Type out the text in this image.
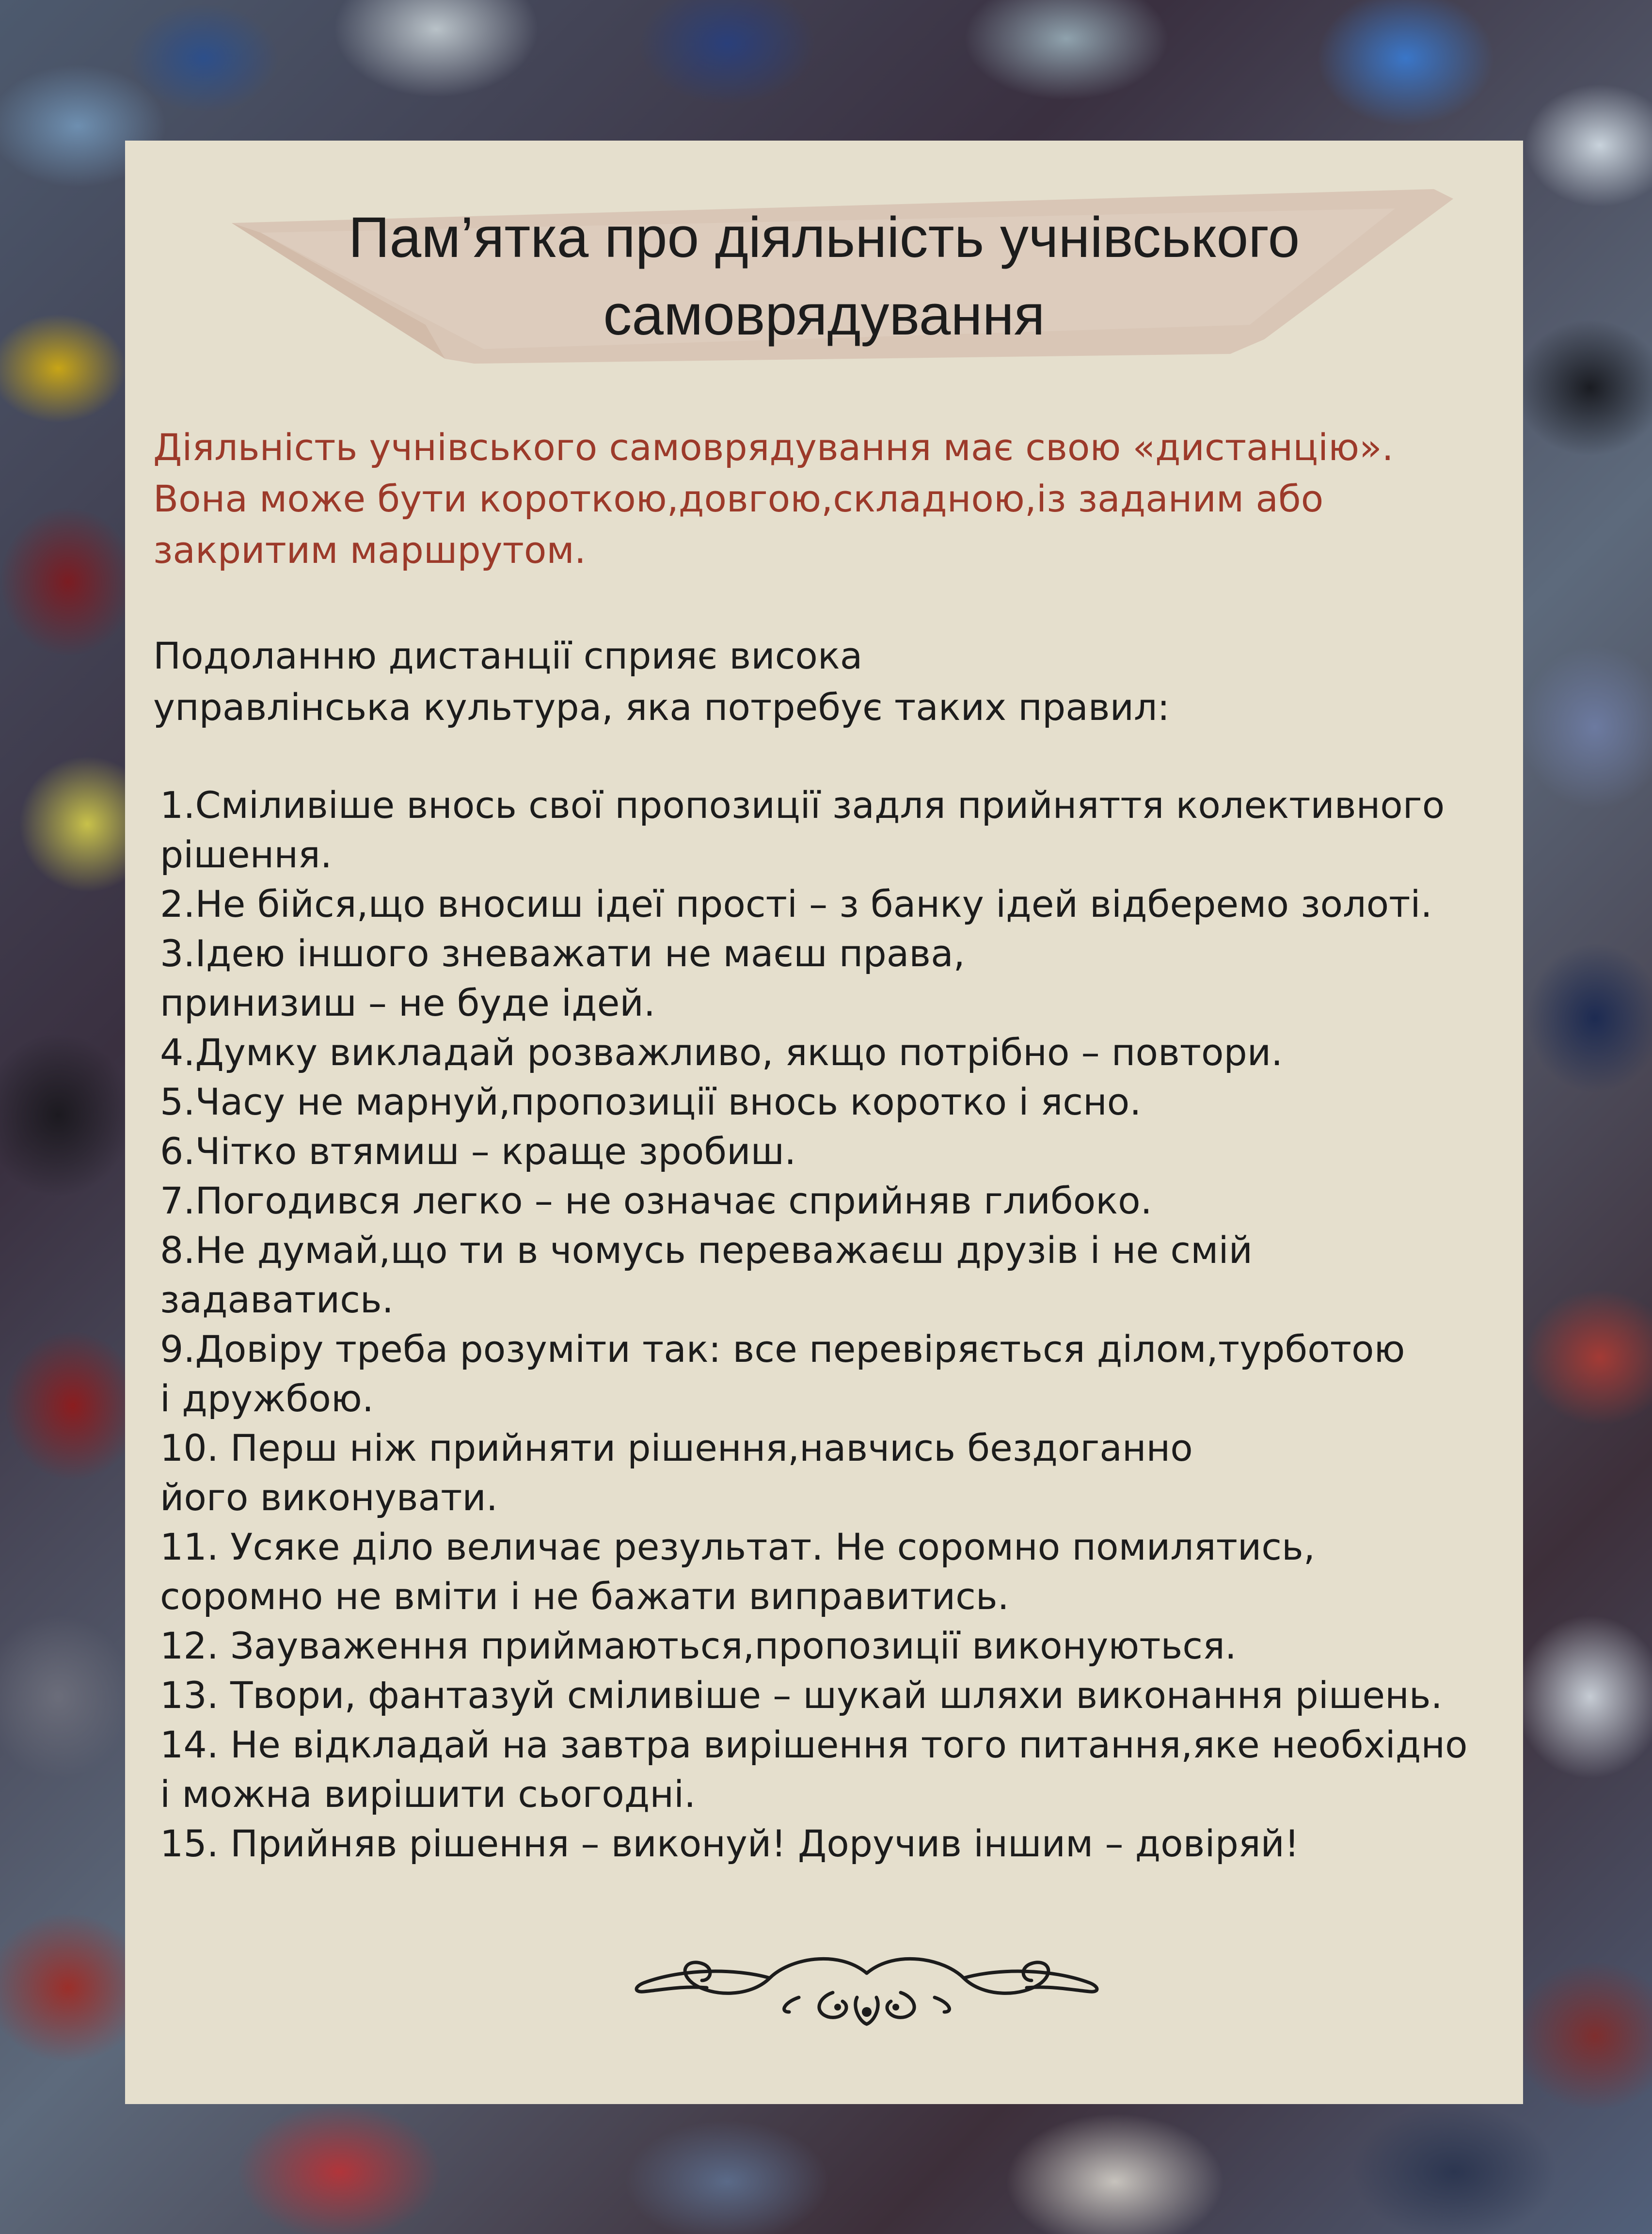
Пам’ятка про діяльність учнівського
самоврядування

Діяльність учнівського самоврядування має свою «дистанцію».
Вона може бути короткою,довгою,складною,із заданим або
закритим маршрутом.

Подоланню дистанції сприяє висока
управлінська культура, яка потребує таких правил:

1.Сміливіше внось свої пропозиції задля прийняття колективного
рішення.
2.Не бійся,що вносиш ідеї прості – з банку ідей відберемо золоті.
3.Ідею іншого зневажати не маєш права,
принизиш – не буде ідей.
4.Думку викладай розважливо, якщо потрібно – повтори.
5.Часу не марнуй,пропозиції внось коротко і ясно.
6.Чітко втямиш – краще зробиш.
7.Погодився легко – не означає сприйняв глибоко.
8.Не думай,що ти в чомусь переважаєш друзів і не смій
задаватись.
9.Довіру треба розуміти так: все перевіряється ділом,турботою
і дружбою.
10. Перш ніж прийняти рішення,навчись бездоганно
його виконувати.
11. Усяке діло величає результат. Не соромно помилятись,
соромно не вміти і не бажати виправитись.
12. Зауваження приймаються,пропозиції виконуються.
13. Твори, фантазуй сміливіше – шукай шляхи виконання рішень.
14. Не відкладай на завтра вирішення того питання,яке необхідно
і можна вирішити сьогодні.
15. Прийняв рішення – виконуй! Доручив іншим – довіряй!
